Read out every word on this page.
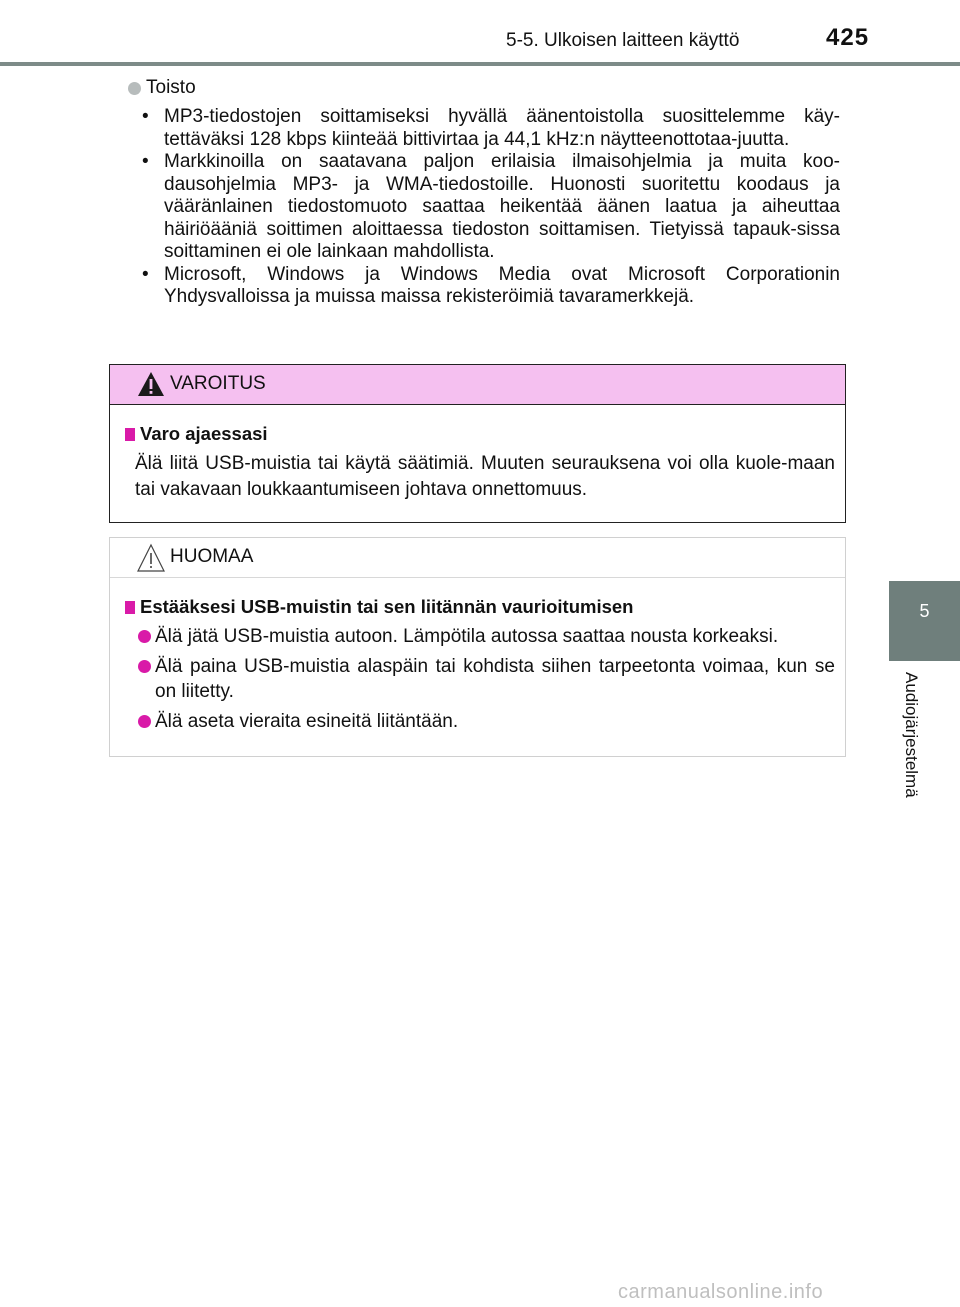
5-5. Ulkoisen laitteen käyttö	425
5
Audiojärjestelmä
Toisto
• MP3-tiedostojen soittamiseksi hyvällä äänentoistolla suosittelemme käy-tettäväksi 128 kbps kiinteää bittivirtaa ja 44,1 kHz:n näytteenottotaa-juutta.
• Markkinoilla on saatavana paljon erilaisia ilmaisohjelmia ja muita koo-dausohjelmia MP3- ja WMA-tiedostoille. Huonosti suoritettu koodaus ja vääränlainen tiedostomuoto saattaa heikentää äänen laatua ja aiheuttaa häiriöääniä soittimen aloittaessa tiedoston soittamisen. Tietyissä tapauk-sissa soittaminen ei ole lainkaan mahdollista.
• Microsoft, Windows ja Windows Media ovat Microsoft Corporationin Yhdysvalloissa ja muissa maissa rekisteröimiä tavaramerkkejä.
VAROITUS
Varo ajaessasi
Älä liitä USB-muistia tai käytä säätimiä. Muuten seurauksena voi olla kuole-maan tai vakavaan loukkaantumiseen johtava onnettomuus.
HUOMAA
Estääksesi USB-muistin tai sen liitännän vaurioitumisen
Älä jätä USB-muistia autoon. Lämpötila autossa saattaa nousta korkeaksi.
Älä paina USB-muistia alaspäin tai kohdista siihen tarpeetonta voimaa, kun se on liitetty.
Älä aseta vieraita esineitä liitäntään.
carmanualsonline.info
